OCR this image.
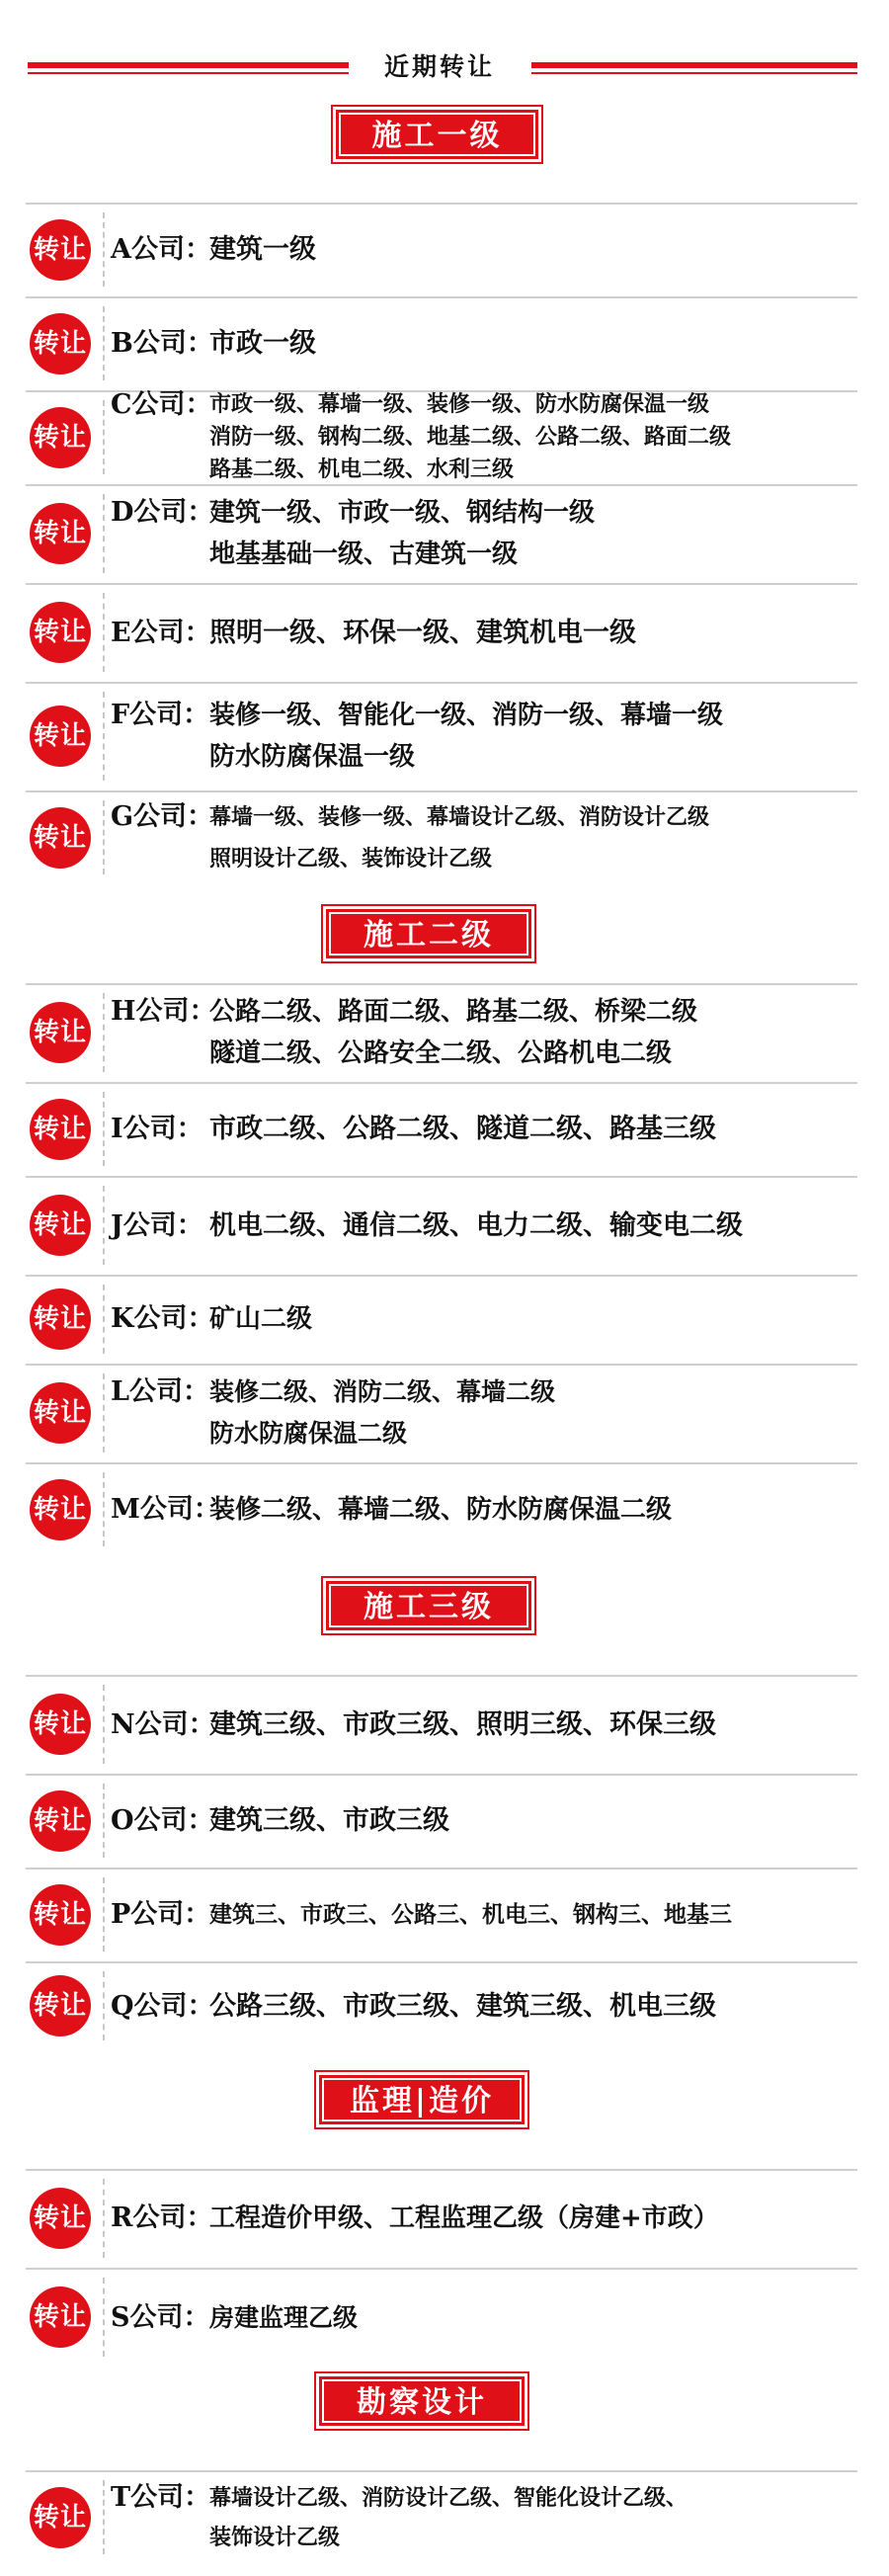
近期转让
施工一级
转让 A公司：
建筑一级
转让 B公司：
市政一级
转让
C公司：
市政一级、幕墙一级、装修一级、防水防腐保温一级
消防一级、钢构二级、地基二级、公路二级、路面二级
路基二级、机电二级、水利三级
转让
D公司：
建筑一级、市政一级、钢结构一级
地基基础一级、古建筑一级
转让 E公司：
照明一级、环保一级、建筑机电一级
转让
F公司： 装修一级、智能化一级、消防一级、幕墙一级
防水防腐保温一级
转让
G公司：
幕墙一级、装修一级、幕墙设计乙级、消防设计乙级
照明设计乙级、装饰设计乙级
施工二级
转让
H公司：
公路二级、路面二级、路基二级、桥梁二级
隧道二级、公路安全二级、公路机电二级
转让 I公司： 市政二级、公路二级、隧道二级、路基三级
转让 J公司： 机电二级、通信二级、电力二级、输变电二级
转让 K公司：
矿山二级
转让
L公司： 装修二级、消防二级、幕墙二级
防水防腐保温二级
转让 M公司：
装修二级、幕墙二级、防水防腐保温二级
施工三级
转让 N公司：
建筑三级、市政三级、照明三级、环保三级
转让 O公司：
建筑三级、市政三级
转让 P公司：
建筑三、市政三、公路三、机电三、钢构三、地基三
转让 Q公司：
公路三级、市政三级、建筑三级、机电三级
监理|造价
转让 R公司：
工程造价甲级、工程监理乙级（房建+市政）
转让 S公司： 房建监理乙级
勘察设计
转让
T公司：
幕墙设计乙级、消防设计乙级、智能化设计乙级、
装饰设计乙级
